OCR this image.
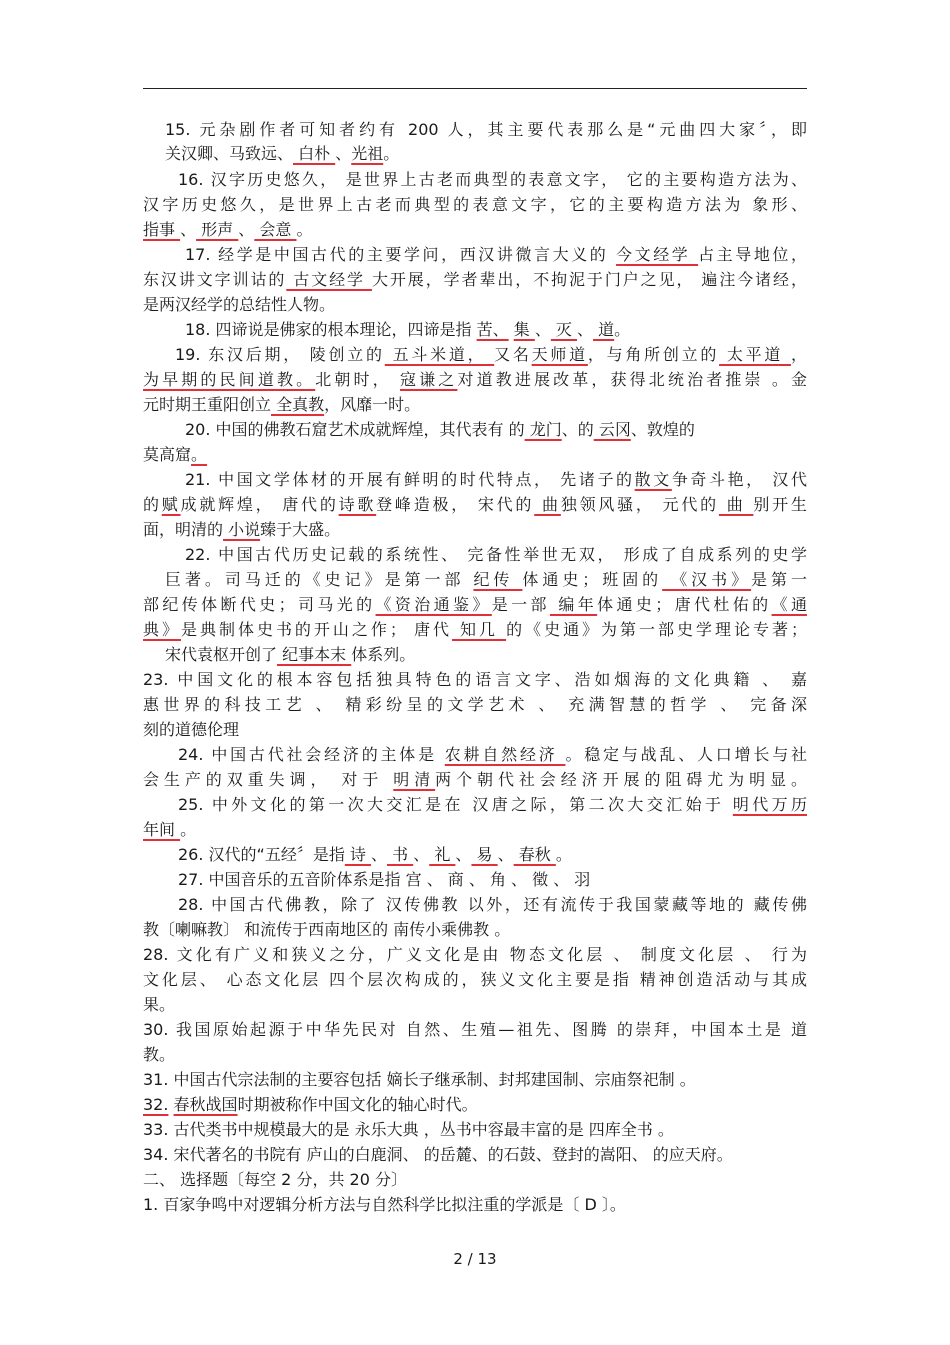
15. 元杂剧作者可知者约有 200 人，其主要代表那么是“元曲四大家〞，即
关汉卿、马致远、 白朴 、光祖。
16. 汉字历史悠久， 是世界上古老而典型的表意文字， 它的主要构造方法为、
汉字历史悠久，是世界上古老而典型的表意文字，它的主要构造方法为 象形、
指事 、 形声 、 会意 。
17. 经学是中国古代的主要学问，西汉讲微言大义的 今文经学 占主导地位，
东汉讲文字训诂的 古文经学 大开展，学者辈出，不拘泥于门户之见， 遍注今诸经，
是两汉经学的总结性人物。
18. 四谛说是佛家的根本理论，四谛是指 苦、 集 、 灭 、 道。
19. 东汉后期， 陵创立的 五斗米道， 又名天师道，与角所创立的 太平道 ，
为早期的民间道教。北朝时， 寇谦之对道教进展改革，获得北统治者推崇 。金
元时期王重阳创立 全真教，风靡一时。
20. 中国的佛教石窟艺术成就辉煌，其代表有 的 龙门、的 云冈、敦煌的
莫高窟。
21. 中国文学体材的开展有鲜明的时代特点， 先诸子的散文争奇斗艳， 汉代
的赋成就辉煌， 唐代的诗歌登峰造极， 宋代的 曲独领风骚， 元代的 曲 别开生
面，明清的 小说臻于大盛。
22. 中国古代历史记载的系统性、 完备性举世无双， 形成了自成系列的史学
巨著。司马迁的《史记》是第一部 纪传 体通史；班固的 《汉书》是第一
部纪传体断代史；司马光的《资治通鉴》是一部 编年体通史；唐代杜佑的《通
典》是典制体史书的开山之作； 唐代 知几 的《史通》为第一部史学理论专著；
宋代袁枢开创了 纪事本末 体系列。
23. 中国文化的根本容包括独具特色的语言文字、浩如烟海的文化典籍 、 嘉
惠世界的科技工艺 、 精彩纷呈的文学艺术 、 充满智慧的哲学 、 完备深
刻的道德伦理
24. 中国古代社会经济的主体是 农耕自然经济 。稳定与战乱、人口增长与社
会生产的双重失调， 对于 明清两个朝代社会经济开展的阻碍尤为明显。
25. 中外文化的第一次大交汇是在 汉唐之际，第二次大交汇始于 明代万历
年间 。
26. 汉代的“五经〞是指 诗 、 书 、 礼 、 易 、 春秋 。
27. 中国音乐的五音阶体系是指 宫 、 商 、 角 、 徵 、 羽
28. 中国古代佛教，除了 汉传佛教 以外，还有流传于我国蒙藏等地的 藏传佛
教〔喇嘛教〕 和流传于西南地区的 南传小乘佛教 。
28. 文化有广义和狭义之分，广义文化是由 物态文化层 、 制度文化层 、 行为
文化层、 心态文化层 四个层次构成的，狭义文化主要是指 精神创造活动与其成
果。
30. 我国原始起源于中华先民对 自然、生殖—祖先、图腾 的崇拜，中国本土是 道
教。
31. 中国古代宗法制的主要容包括 嫡长子继承制、封邦建国制、宗庙祭祀制 。
32. 春秋战国时期被称作中国文化的轴心时代。
33. 古代类书中规模最大的是 永乐大典 ，丛书中容最丰富的是 四库全书 。
34. 宋代著名的书院有 庐山的白鹿洞、 的岳麓、的石鼓、登封的嵩阳、 的应天府。
二、 选择题〔每空 2 分，共 20 分〕
1. 百家争鸣中对逻辑分析方法与自然科学比拟注重的学派是〔 D 〕。
2 / 13
